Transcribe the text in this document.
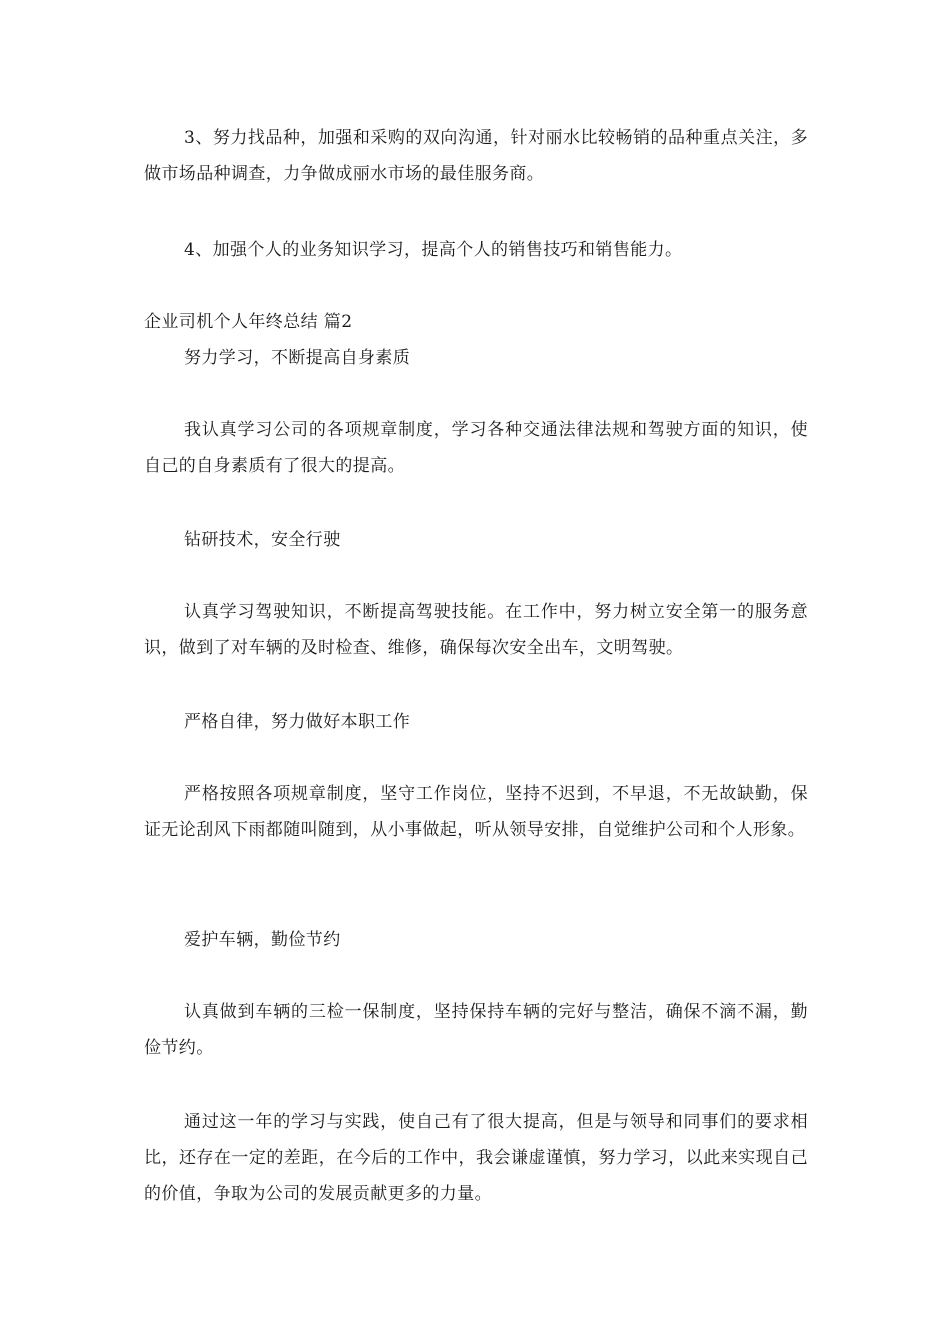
3、努力找品种，加强和采购的双向沟通，针对丽水比较畅销的品种重点关注，多做市场品种调查，力争做成丽水市场的最佳服务商。

4、加强个人的业务知识学习，提高个人的销售技巧和销售能力。

企业司机个人年终总结 篇2

努力学习，不断提高自身素质

我认真学习公司的各项规章制度，学习各种交通法律法规和驾驶方面的知识，使自己的自身素质有了很大的提高。

钻研技术，安全行驶

认真学习驾驶知识，不断提高驾驶技能。在工作中，努力树立安全第一的服务意识，做到了对车辆的及时检查、维修，确保每次安全出车，文明驾驶。

严格自律，努力做好本职工作

严格按照各项规章制度，坚守工作岗位，坚持不迟到，不早退，不无故缺勤，保证无论刮风下雨都随叫随到，从小事做起，听从领导安排，自觉维护公司和个人形象。

爱护车辆，勤俭节约

认真做到车辆的三检一保制度，坚持保持车辆的完好与整洁，确保不滴不漏，勤俭节约。

通过这一年的学习与实践，使自己有了很大提高，但是与领导和同事们的要求相比，还存在一定的差距，在今后的工作中，我会谦虚谨慎，努力学习，以此来实现自己的价值，争取为公司的发展贡献更多的力量。
